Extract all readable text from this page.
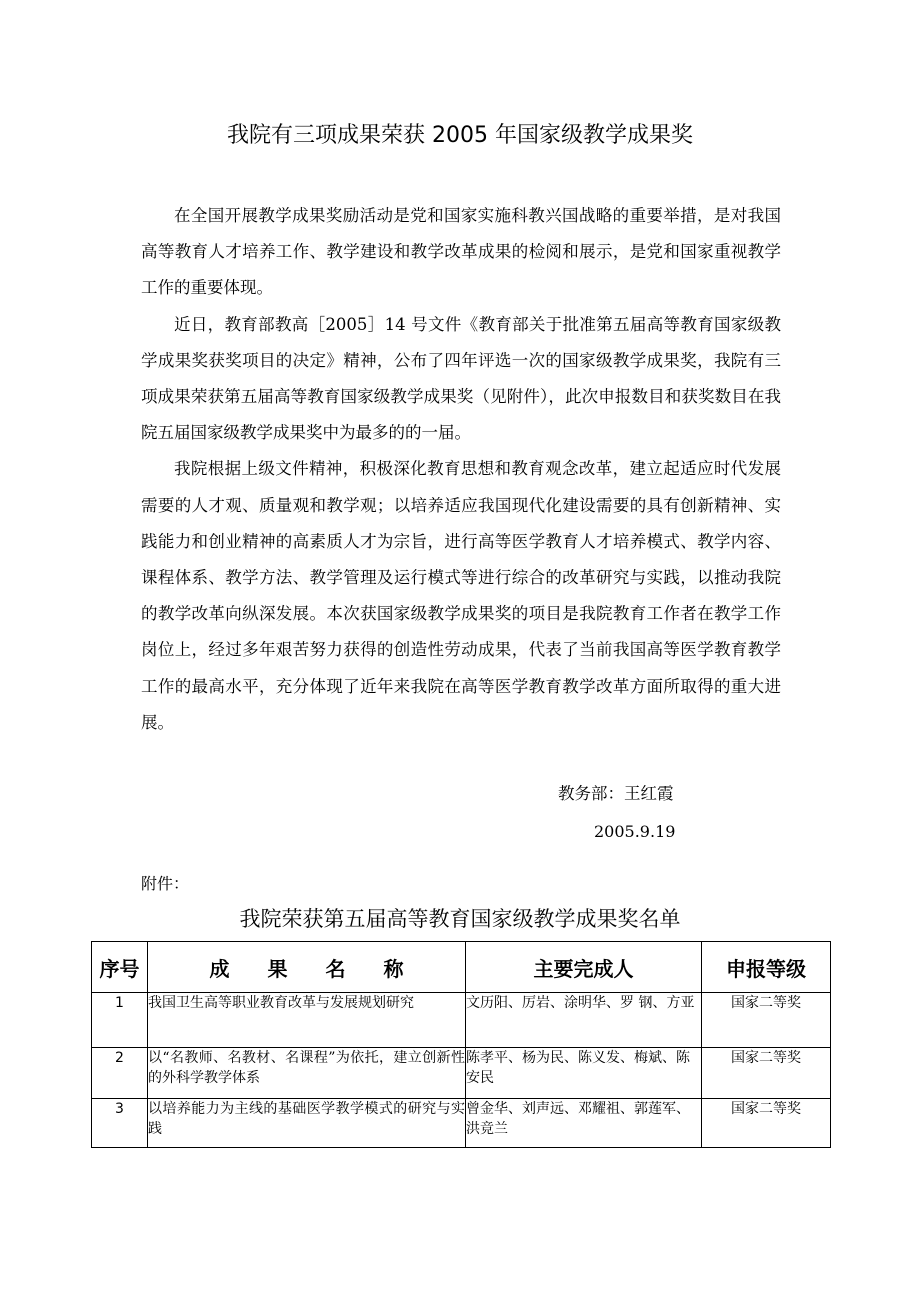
我院有三项成果荣获 2005 年国家级教学成果奖

在全国开展教学成果奖励活动是党和国家实施科教兴国战略的重要举措，是对我国高等教育人才培养工作、教学建设和教学改革成果的检阅和展示，是党和国家重视教学工作的重要体现。

近日，教育部教高［2005］14 号文件《教育部关于批准第五届高等教育国家级教学成果奖获奖项目的决定》精神，公布了四年评选一次的国家级教学成果奖，我院有三项成果荣获第五届高等教育国家级教学成果奖（见附件），此次申报数目和获奖数目在我院五届国家级教学成果奖中为最多的的一届。

我院根据上级文件精神，积极深化教育思想和教育观念改革，建立起适应时代发展需要的人才观、质量观和教学观；以培养适应我国现代化建设需要的具有创新精神、实践能力和创业精神的高素质人才为宗旨，进行高等医学教育人才培养模式、教学内容、课程体系、教学方法、教学管理及运行模式等进行综合的改革研究与实践，以推动我院的教学改革向纵深发展。本次获国家级教学成果奖的项目是我院教育工作者在教学工作岗位上，经过多年艰苦努力获得的创造性劳动成果，代表了当前我国高等医学教育教学工作的最高水平，充分体现了近年来我院在高等医学教育教学改革方面所取得的重大进展。

教务部：王红霞
2005.9.19
附件：
我院荣获第五届高等教育国家级教学成果奖名单
序号	成果名称	主要完成人	申报等级
1	我国卫生高等职业教育改革与发展规划研究	文历阳、厉岩、涂明华、罗 钢、方亚	国家二等奖
2	以“名教师、名教材、名课程”为依托，建立创新性的外科学教学体系	陈孝平、杨为民、陈义发、梅斌、陈安民	国家二等奖
3	以培养能力为主线的基础医学教学模式的研究与实践	曾金华、刘声远、邓耀祖、郭莲军、洪竞兰	国家二等奖
